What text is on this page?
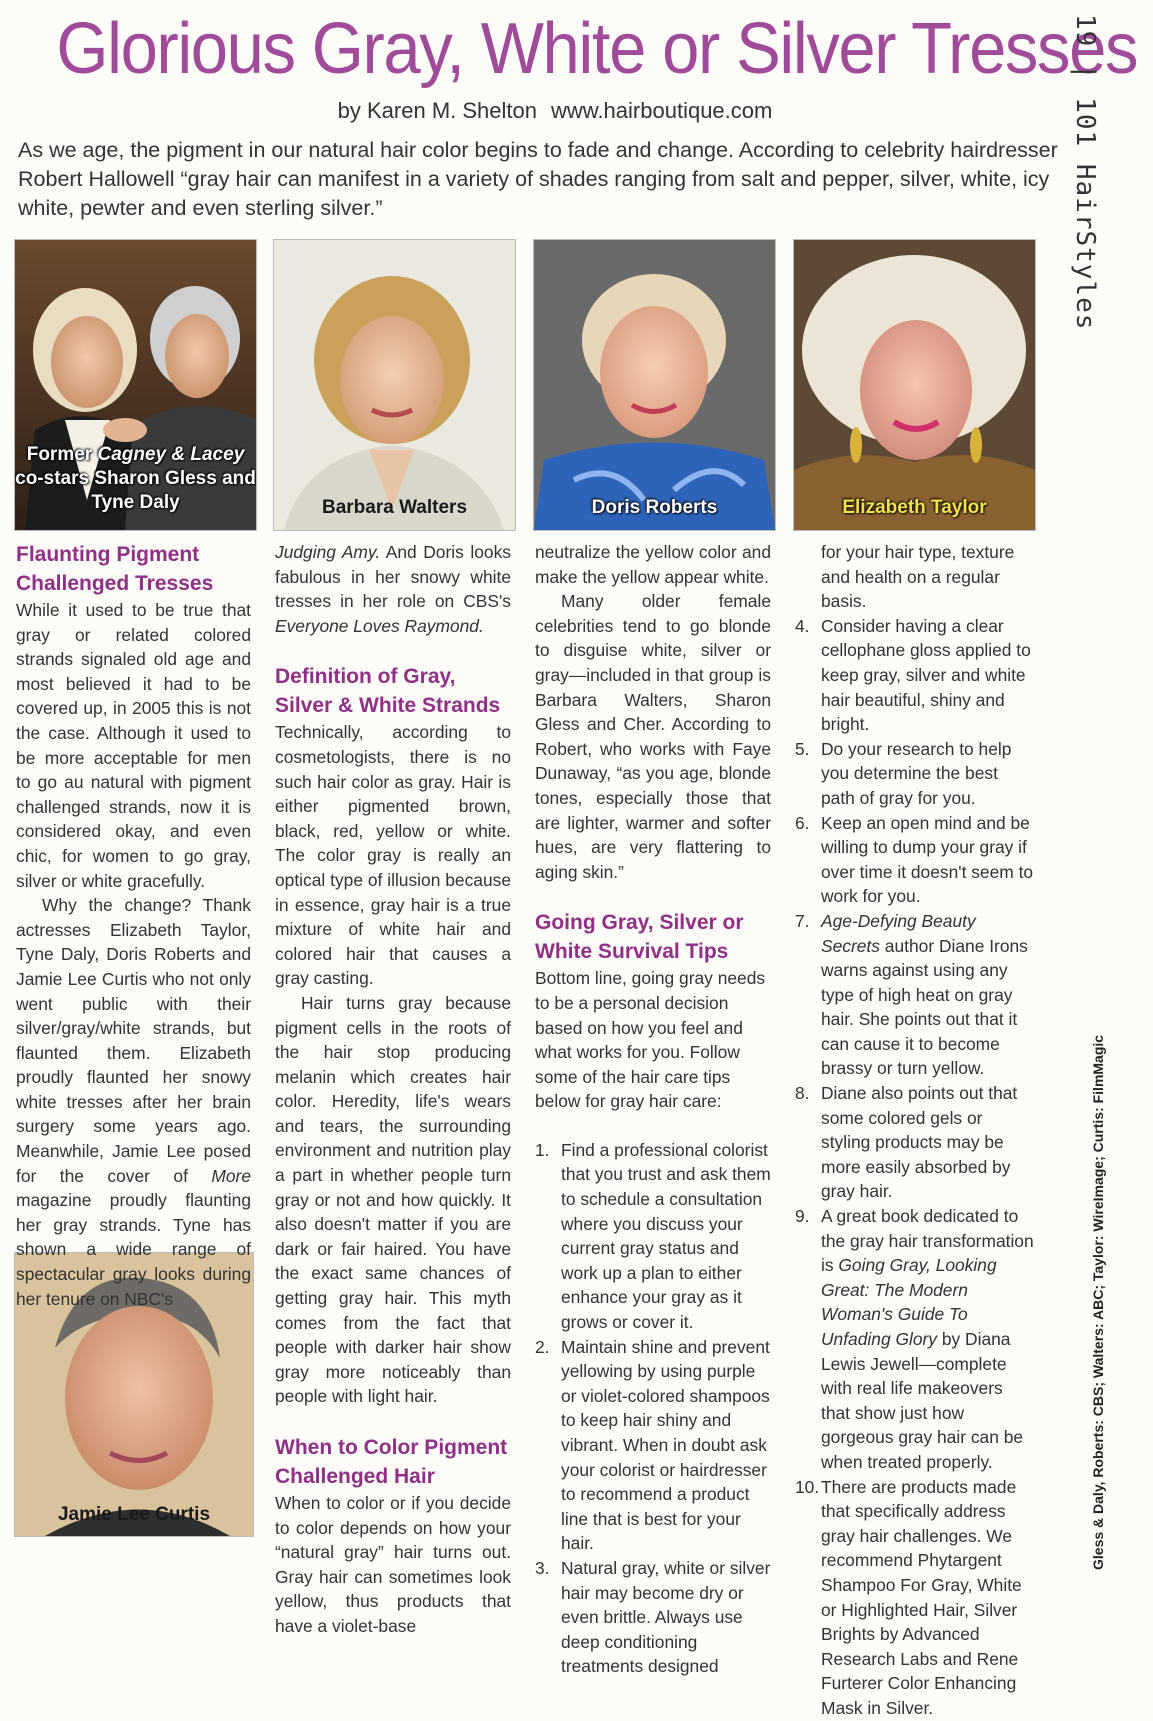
Glorious Gray, White or Silver Tresses
by Karen M. Shelton www.hairboutique.com

As we age, the pigment in our natural hair color begins to fade and change. According to celebrity hairdresser Robert Hallowell “gray hair can manifest in a variety of shades ranging from salt and pepper, silver, white, icy white, pewter and even sterling silver.”	19 | 101 HairStyles
Gless & Daly, Roberts: CBS; Walters: ABC; Taylor: WireImage; Curtis: FilmMagic
Former Cagney & Lacey
co-stars Sharon Gless and
Tyne Daly	Barbara Walters	Doris Roberts	Elizabeth Taylor
Jamie Lee Curtis
Flaunting Pigment Challenged Tresses

While it used to be true that gray or related colored strands signaled old age and most believed it had to be covered up, in 2005 this is not the case. Although it used to be more acceptable for men to go au natural with pigment challenged strands, now it is considered okay, and even chic, for women to go gray, silver or white gracefully.

Why the change? Thank actresses Elizabeth Taylor, Tyne Daly, Doris Roberts and Jamie Lee Curtis who not only went public with their silver/gray/white strands, but flaunted them. Elizabeth proudly flaunted her snowy white tresses after her brain surgery some years ago. Meanwhile, Jamie Lee posed for the cover of More magazine proudly flaunting her gray strands. Tyne has shown a wide range of spectacular gray looks during her tenure on NBC's

Judging Amy. And Doris looks fabulous in her snowy white tresses in her role on CBS's Everyone Loves Raymond.

Definition of Gray, Silver & White Strands

Technically, according to cosmetologists, there is no such hair color as gray. Hair is either pigmented brown, black, red, yellow or white. The color gray is really an optical type of illusion because in essence, gray hair is a true mixture of white hair and colored hair that causes a gray casting.

Hair turns gray because pigment cells in the roots of the hair stop producing melanin which creates hair color. Heredity, life's wears and tears, the surrounding environment and nutrition play a part in whether people turn gray or not and how quickly. It also doesn't matter if you are dark or fair haired. You have the exact same chances of getting gray hair. This myth comes from the fact that people with darker hair show gray more noticeably than people with light hair.

When to Color Pigment Challenged Hair

When to color or if you decide to color depends on how your “natural gray” hair turns out. Gray hair can sometimes look yellow, thus products that have a violet-base

neutralize the yellow color and make the yellow appear white.

Many older female celebrities tend to go blonde to disguise white, silver or gray—included in that group is Barbara Walters, Sharon Gless and Cher. According to Robert, who works with Faye Dunaway, “as you age, blonde tones, especially those that are lighter, warmer and softer hues, are very flattering to aging skin.”

Going Gray, Silver or White Survival Tips

Bottom line, going gray needs to be a personal decision based on how you feel and what works for you. Follow some of the hair care tips below for gray hair care:

1. Find a professional colorist that you trust and ask them to schedule a consultation where you discuss your current gray status and work up a plan to either enhance your gray as it grows or cover it.
2. Maintain shine and prevent yellowing by using purple or violet-colored shampoos to keep hair shiny and vibrant. When in doubt ask your colorist or hairdresser to recommend a product line that is best for your hair.
3. Natural gray, white or silver hair may become dry or even brittle. Always use deep conditioning treatments designed
for your hair type, texture and health on a regular basis.
4. Consider having a clear cellophane gloss applied to keep gray, silver and white hair beautiful, shiny and bright.
5. Do your research to help you determine the best path of gray for you.
6. Keep an open mind and be willing to dump your gray if over time it doesn't seem to work for you.
7. Age-Defying Beauty Secrets author Diane Irons warns against using any type of high heat on gray hair. She points out that it can cause it to become brassy or turn yellow.
8. Diane also points out that some colored gels or styling products may be more easily absorbed by gray hair.
9. A great book dedicated to the gray hair transformation is Going Gray, Looking Great: The Modern Woman's Guide To Unfading Glory by Diana Lewis Jewell—complete with real life makeovers that show just how gorgeous gray hair can be when treated properly.
10. There are products made that specifically address gray hair challenges. We recommend Phytargent Shampoo For Gray, White or Highlighted Hair, Silver Brights by Advanced Research Labs and Rene Furterer Color Enhancing Mask in Silver.
